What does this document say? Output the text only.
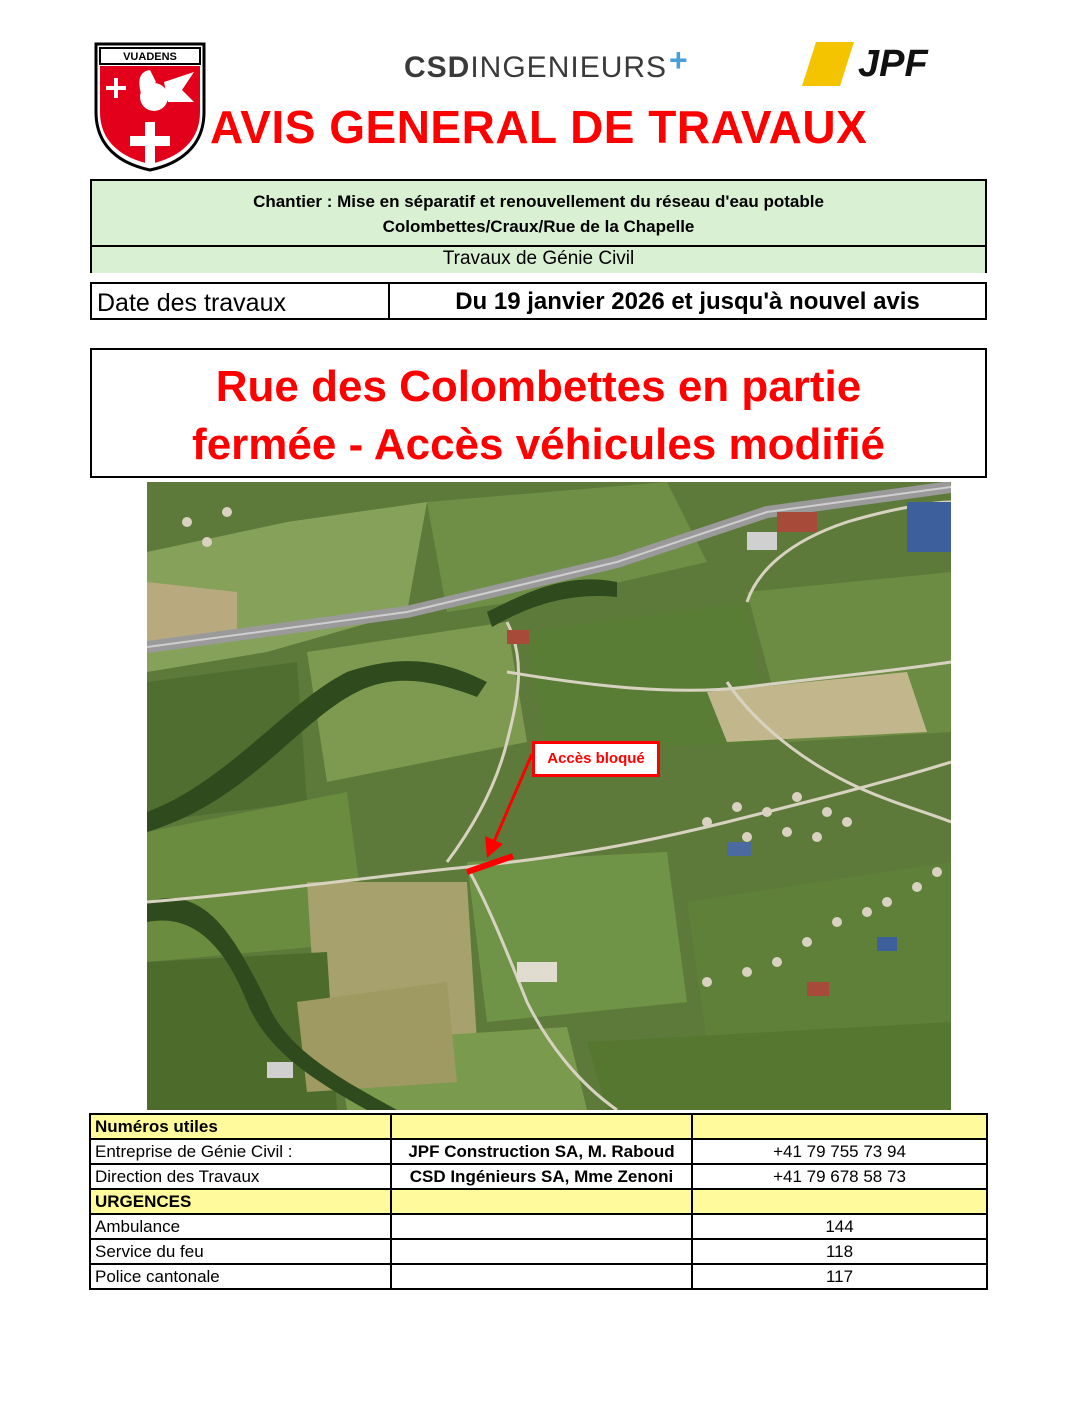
VUADENS	CSD INGENIEURS +	JPF
AVIS GENERAL DE TRAVAUX
Chantier : Mise en séparatif et renouvellement du réseau d'eau potable
Colombettes/Craux/Rue de la Chapelle
Travaux de Génie Civil
Date des travaux	Du 19 janvier 2026 et jusqu'à nouvel avis
Rue des Colombettes en partie
fermée - Accès véhicules modifié
Accès bloqué
Numéros utiles		
Entreprise de Génie Civil :	JPF Construction SA, M. Raboud	+41 79 755 73 94
Direction des Travaux	CSD Ingénieurs SA, Mme Zenoni	+41 79 678 58 73
URGENCES		
Ambulance		144
Service du feu		118
Police cantonale		117
